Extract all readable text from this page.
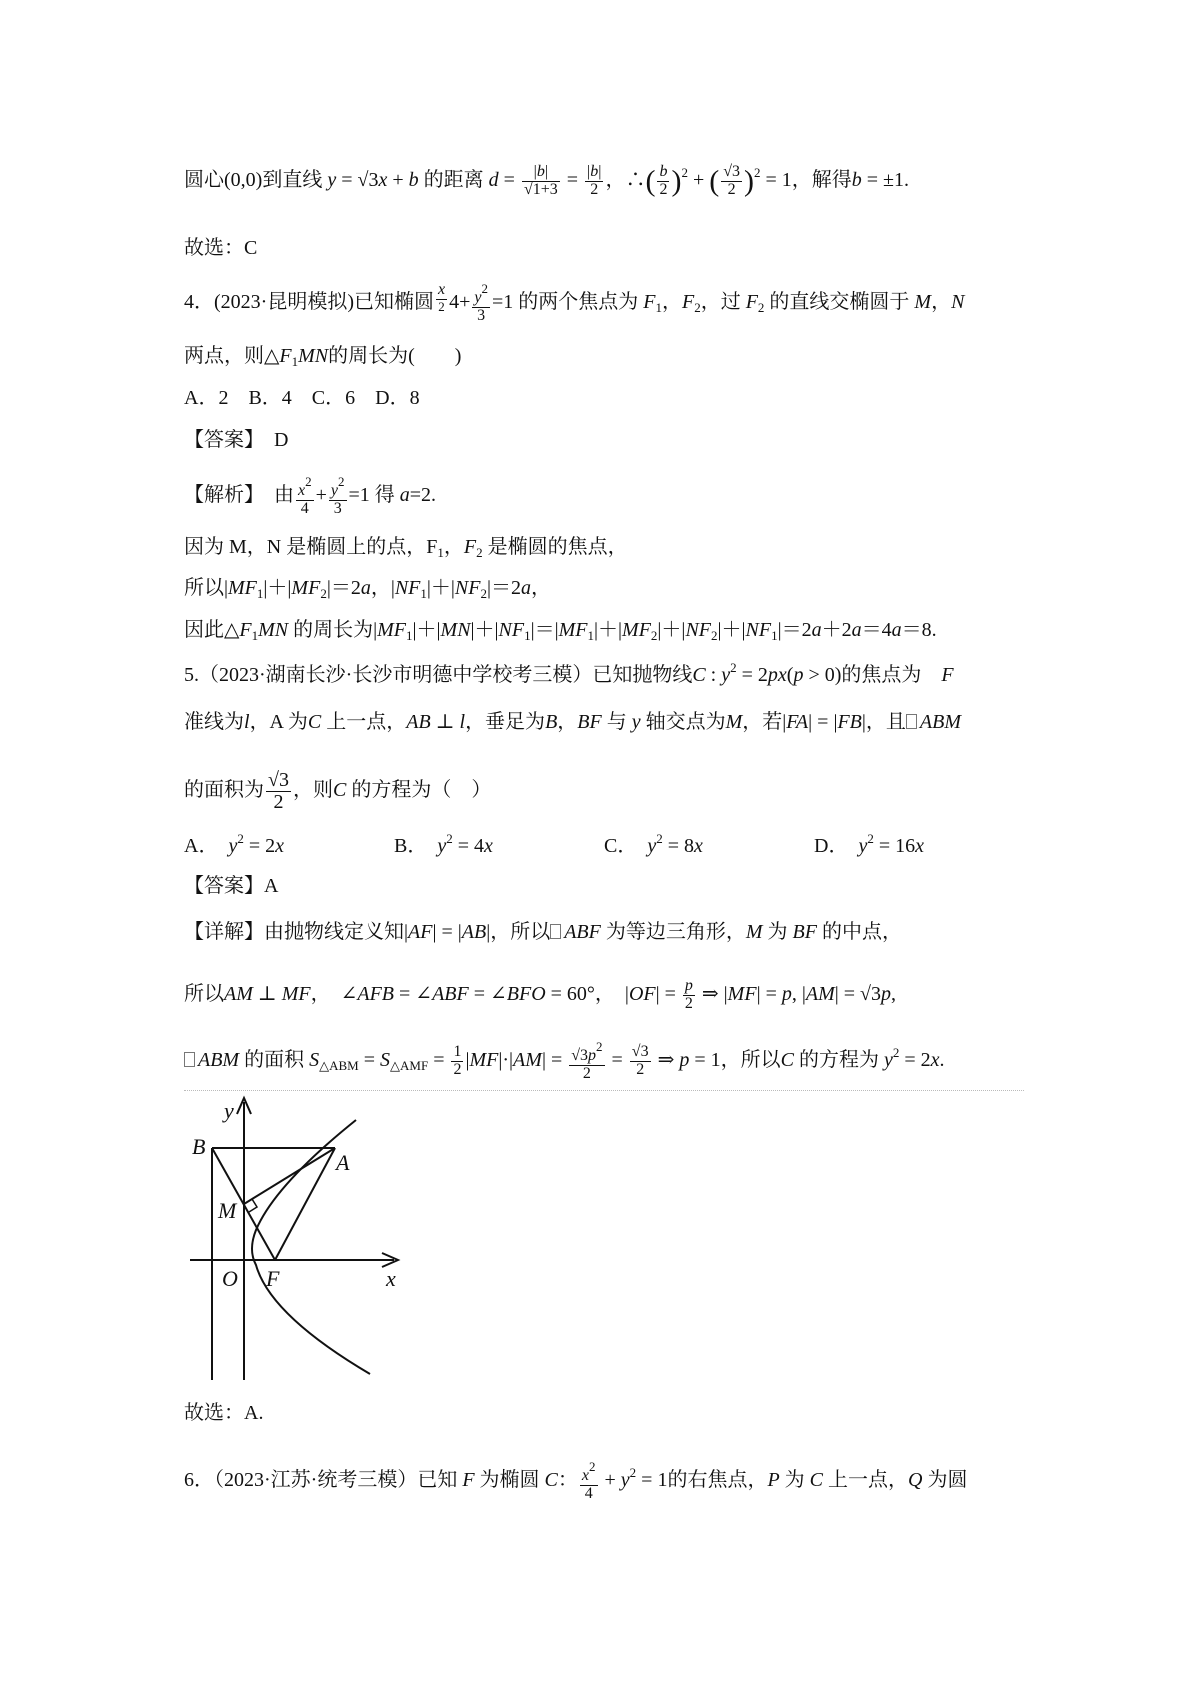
圆心(0,0)到直线 y = √3x + b 的距离 $d = \frac{|b|}{√1+3} = \frac{|b|}{2}$ ，∴( $\frac{b}{2} )^2$ + ( $\frac{√3}{2} )^2 = 1$，解得b = ±1.
故选：C
4．(2023·昆明模拟)已知椭圆 $\frac{x}{^2} 4+ \frac{y^2}{3} =1$ 的两个焦点为 $F_1$，$F_2$，过 $F_2$ 的直线交椭圆于 M，N
两点，则$\triangle F_1MN$的周长为(　　)
A．2　B．4　C．6　D．8
【答案】　 D
【解析】　 由 $\frac{x^2}{4} + \frac{y^2}{3} =1$ 得 a=2.
因为 M，N 是椭圆上的点，$F_1$，$F_2$ 是椭圆的焦点，
所以$|MF_1|+|MF_2|=2a$，$|NF_1|+|NF_2|=2a$，
因此$\triangle F_1MN$ 的周长为$|MF_1|+|MN|+|NF_1|=|MF_1|+|MF_2|+|NF_2|+|NF_1|=2a+2a=4a=8$.
5.（2023·湖南长沙·长沙市明德中学校考三模）已知抛物线C : $y^2 = 2px(p > 0)$的焦点为　 F
准线为l，A 为C 上一点，AB ⊥ l，垂足为B，BF 与 y 轴交点为M，若|FA| = |FB|，且 ABM
的面积为 $\frac{√3}{2}$ ，则C 的方程为（　）
A．　 $y^2 = 2x$	B．　 $y^2 = 4x$	C．　 $y^2 = 8x$	D．　 $y^2 = 16x$
【答案】A
【详解】由抛物线定义知|AF| = |AB|，所以 ABF 为等边三角形，M 为 BF 的中点，
所以AM ⊥ MF，　∠AFB = ∠ABF = ∠BFO = 60°，　$|OF| = \frac{p}{2}$ ⇒ |MF| = p, |AM| = √3p,
ABM 的面积 $S_{\triangle ABM} = S_{\triangle AMF} = \frac{1}{2} |MF|\cdot|AM| = \frac{√3p^2}{2} = \frac{√3}{2}$ ⇒ p = 1，所以C 的方程为 $y^2 = 2x$.
y
B
A
M
O F	x
故选：A.
6．（2023·江苏·统考三模）已知 F 为椭圆 C： $\frac{x^2}{4} + y^2 = 1$的右焦点，P 为 C 上一点，Q 为圆
